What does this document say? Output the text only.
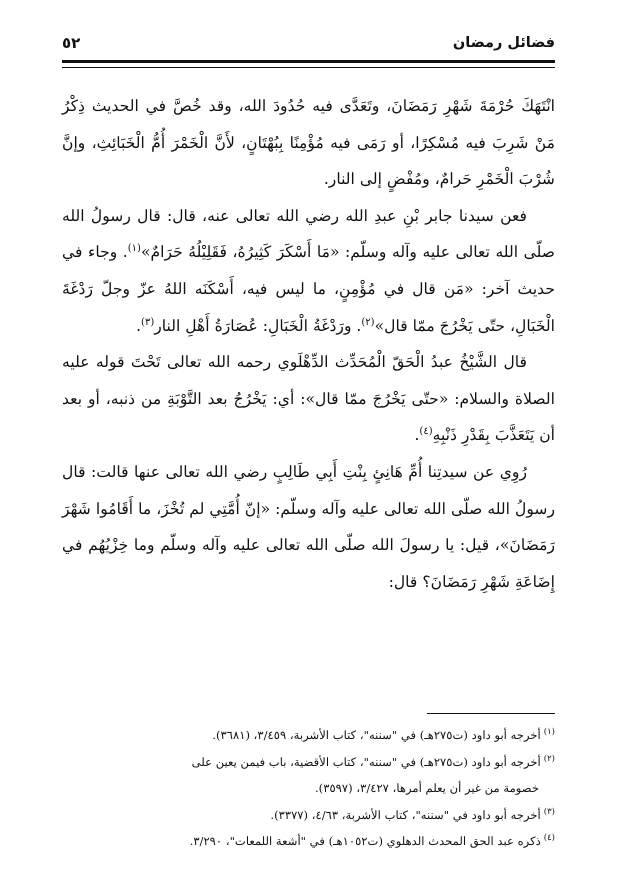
فضائل رمضان
٥٢

انْتَهَكَ حُرْمَةَ شَهْرِ رَمَضَانَ، وتَعَدَّى فيه حُدُودَ الله، وقد خُصَّ في الحديث ذِكْرُ مَنْ شَرِبَ فيه مُسْكِرًا، أو رَمَى فيه مُؤْمِنًا بِبُهْتَانٍ، لأَنَّ الْخَمْرَ أُمُّ الْخَبَائِثِ، وإنَّ شُرْبَ الْخَمْرِ حَرامٌ، ومُفْضٍ إلى النار.

فعن سيدنا جابر بْنِ عبدِ الله رضي الله تعالى عنه، قال: قال رسولُ الله صلّى الله تعالى عليه وآله وسلّم: «مَا أَسْكَرَ كَثِيرُهُ، فَقَلِيْلُهُ حَرَامٌ»$^{(١)}$. وجاء في حديث آخر: «مَن قال في مُؤْمِنٍ، ما ليس فيه، أَسْكَنَه اللهُ عزّ وجلّ رَدْغَةَ الْخَبَالِ، حتّى يَخْرُجَ ممّا قال»$^{(٢)}$. ورَدْغَةُ الْخَبَالِ: عُصَارَةُ أَهْلِ النار$^{(٣)}$.

قال الشَّيْخُ عبدُ الْحَقّ الْمُحَدِّث الدِّهْلَوي رحمه الله تعالى تَحْتَ قوله عليه الصلاة والسلام: «حتّى يَخْرُجَ ممّا قال»: أي: يَخْرُجُ بعد التَّوْبَةِ من ذنبه، أو بعد أن يَتَعَذَّبَ بِقَدْرِ ذَنْبِهِ$^{(٤)}$.

رُوِي عن سيدتِنا أُمِّ هَانِئٍ بِنْتِ أَبِي طَالِبٍ رضي الله تعالى عنها قالت: قال رسولُ الله صلّى الله تعالى عليه وآله وسلّم: «إنّ أُمَّتِي لم تُخْزَ، ما أَقَامُوا شَهْرَ رَمَضَانَ»، قيل: يا رسولَ الله صلّى الله تعالى عليه وآله وسلّم وما خِزْيُهُم في إِضَاعَةِ شَهْرِ رَمَضَانَ؟ قال:

$^{(١)}$أخرجه أبو داود (ت٢٧٥هـ) في "سننه"، كتاب الأشربة، ٣/٤٥٩، (٣٦٨١).

$^{(٢)}$أخرجه أبو داود (ت٢٧٥هـ) في "سننه"، كتاب الأقضية، باب فيمن يعين على

خصومة من غير أن يعلم أمرها، ٣/٤٢٧، (٣٥٩٧).

$^{(٣)}$أخرجه أبو داود في "سننه"، كتاب الأشربة، ٤/٦٣، (٣٣٧٧).

$^{(٤)}$ذكره عبد الحق المحدث الدهلوي (ت١٠٥٢هـ) في "أشعة اللمعات"، ٣/٢٩٠.
